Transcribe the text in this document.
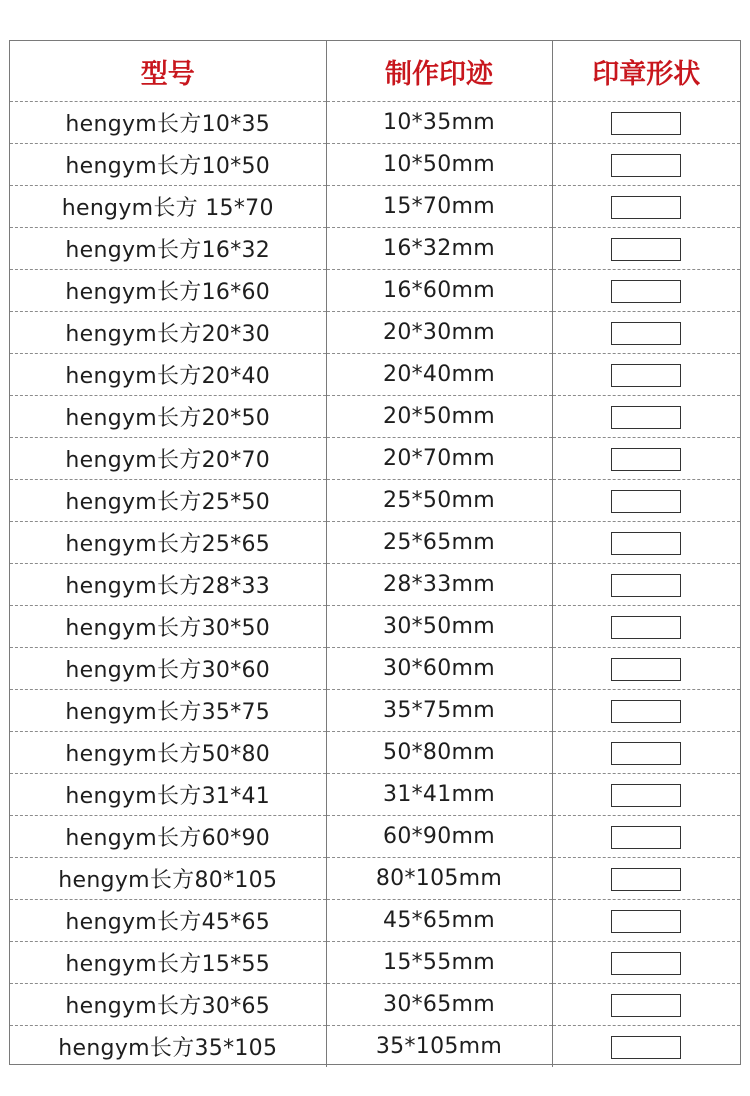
型号	制作印迹	印章形状
hengym长方10*35	10*35mm	
hengym长方10*50	10*50mm	
hengym长方 15*70	15*70mm	
hengym长方16*32	16*32mm	
hengym长方16*60	16*60mm	
hengym长方20*30	20*30mm	
hengym长方20*40	20*40mm	
hengym长方20*50	20*50mm	
hengym长方20*70	20*70mm	
hengym长方25*50	25*50mm	
hengym长方25*65	25*65mm	
hengym长方28*33	28*33mm	
hengym长方30*50	30*50mm	
hengym长方30*60	30*60mm	
hengym长方35*75	35*75mm	
hengym长方50*80	50*80mm	
hengym长方31*41	31*41mm	
hengym长方60*90	60*90mm	
hengym长方80*105	80*105mm	
hengym长方45*65	45*65mm	
hengym长方15*55	15*55mm	
hengym长方30*65	30*65mm	
hengym长方35*105	35*105mm	
